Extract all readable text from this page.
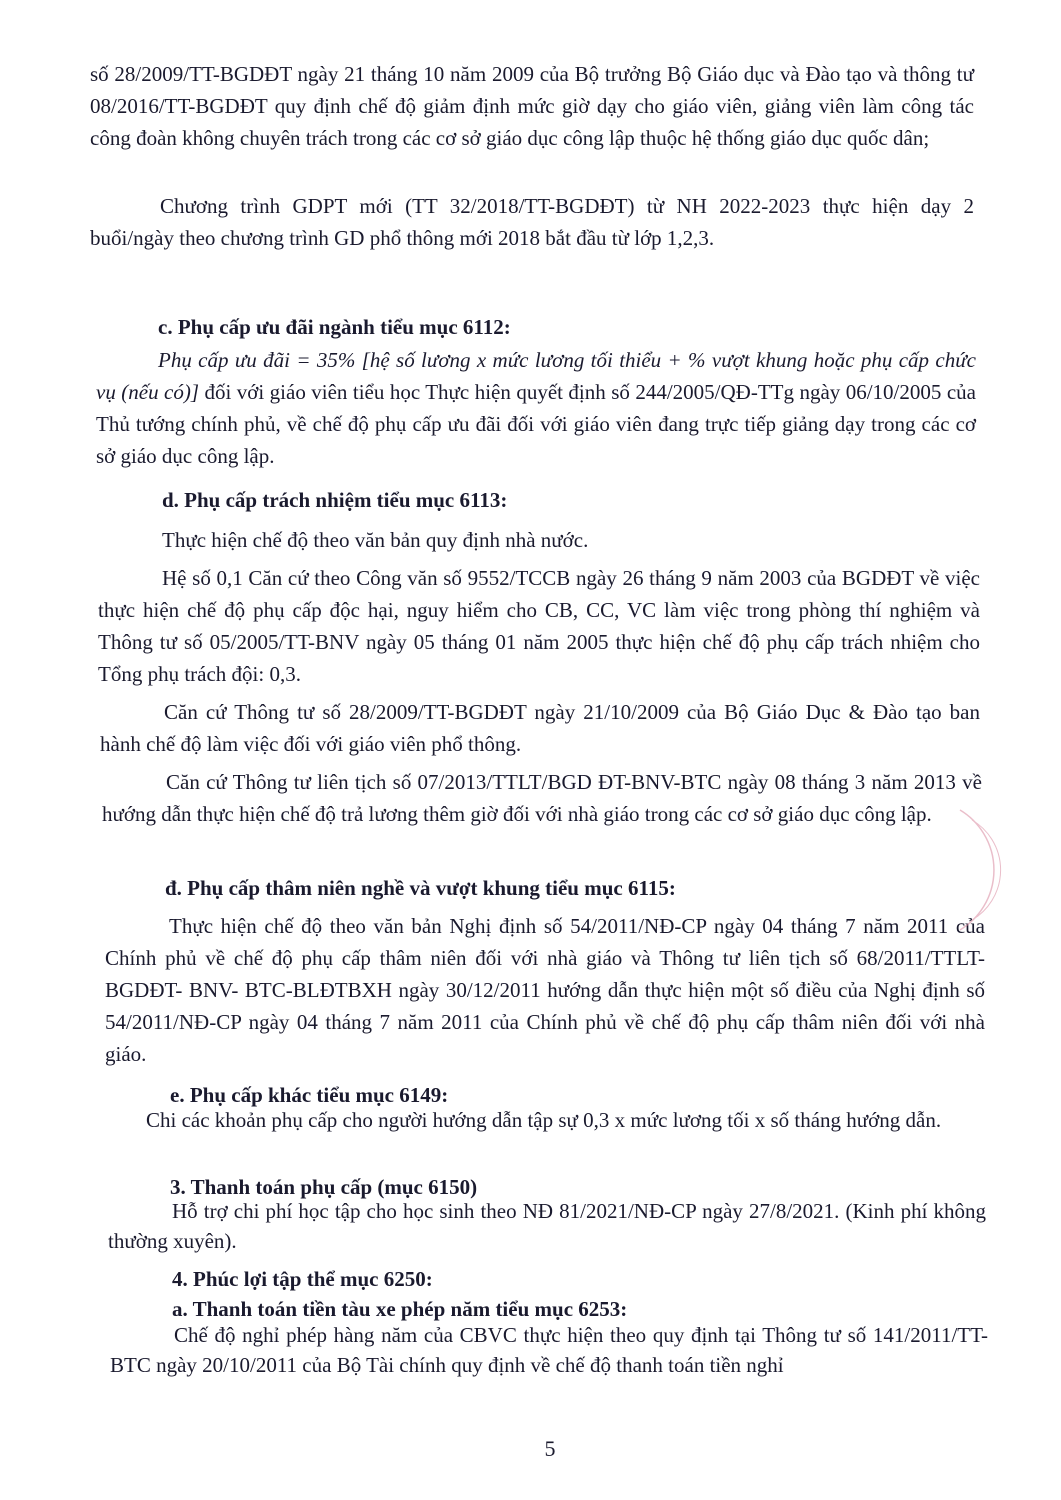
số 28/2009/TT-BGDĐT ngày 21 tháng 10 năm 2009 của Bộ trưởng Bộ Giáo dục và Đào tạo và thông tư 08/2016/TT-BGDĐT quy định chế độ giảm định mức giờ dạy cho giáo viên, giảng viên làm công tác công đoàn không chuyên trách trong các cơ sở giáo dục công lập thuộc hệ thống giáo dục quốc dân;

Chương trình GDPT mới (TT 32/2018/TT-BGDĐT) từ NH 2022-2023 thực hiện dạy 2 buổi/ngày theo chương trình GD phổ thông mới 2018 bắt đầu từ lớp 1,2,3.

c. Phụ cấp ưu đãi ngành tiểu mục 6112:

Phụ cấp ưu đãi = 35% [hệ số lương x mức lương tối thiểu + % vượt khung hoặc phụ cấp chức vụ (nếu có)] đối với giáo viên tiểu học Thực hiện quyết định số 244/2005/QĐ-TTg ngày 06/10/2005 của Thủ tướng chính phủ, về chế độ phụ cấp ưu đãi đối với giáo viên đang trực tiếp giảng dạy trong các cơ sở giáo dục công lập.

d. Phụ cấp trách nhiệm tiểu mục 6113:

Thực hiện chế độ theo văn bản quy định nhà nước.

Hệ số 0,1 Căn cứ theo Công văn số 9552/TCCB ngày 26 tháng 9 năm 2003 của BGDĐT về việc thực hiện chế độ phụ cấp độc hại, nguy hiểm cho CB, CC, VC làm việc trong phòng thí nghiệm và Thông tư số 05/2005/TT-BNV ngày 05 tháng 01 năm 2005 thực hiện chế độ phụ cấp trách nhiệm cho Tổng phụ trách đội: 0,3.

Căn cứ Thông tư số 28/2009/TT-BGDĐT ngày 21/10/2009 của Bộ Giáo Dục & Đào tạo ban hành chế độ làm việc đối với giáo viên phổ thông.

Căn cứ Thông tư liên tịch số 07/2013/TTLT/BGD ĐT-BNV-BTC ngày 08 tháng 3 năm 2013 về hướng dẫn thực hiện chế độ trả lương thêm giờ đối với nhà giáo trong các cơ sở giáo dục công lập.

đ. Phụ cấp thâm niên nghề và vượt khung tiểu mục 6115:

Thực hiện chế độ theo văn bản Nghị định số 54/2011/NĐ-CP ngày 04 tháng 7 năm 2011 của Chính phủ về chế độ phụ cấp thâm niên đối với nhà giáo và Thông tư liên tịch số 68/2011/TTLT-BGDĐT- BNV- BTC-BLĐTBXH ngày 30/12/2011 hướng dẫn thực hiện một số điều của Nghị định số 54/2011/NĐ-CP ngày 04 tháng 7 năm 2011 của Chính phủ về chế độ phụ cấp thâm niên đối với nhà giáo.

e. Phụ cấp khác tiểu mục 6149:

Chi các khoản phụ cấp cho người hướng dẫn tập sự 0,3 x mức lương tối x số tháng hướng dẫn.

3. Thanh toán phụ cấp (mục 6150)

Hỗ trợ chi phí học tập cho học sinh theo NĐ 81/2021/NĐ-CP ngày 27/8/2021. (Kinh phí không thường xuyên).

4. Phúc lợi tập thể mục 6250:
a. Thanh toán tiền tàu xe phép năm tiểu mục 6253:

Chế độ nghỉ phép hàng năm của CBVC thực hiện theo quy định tại Thông tư số 141/2011/TT-BTC ngày 20/10/2011 của Bộ Tài chính quy định về chế độ thanh toán tiền nghỉ

5
